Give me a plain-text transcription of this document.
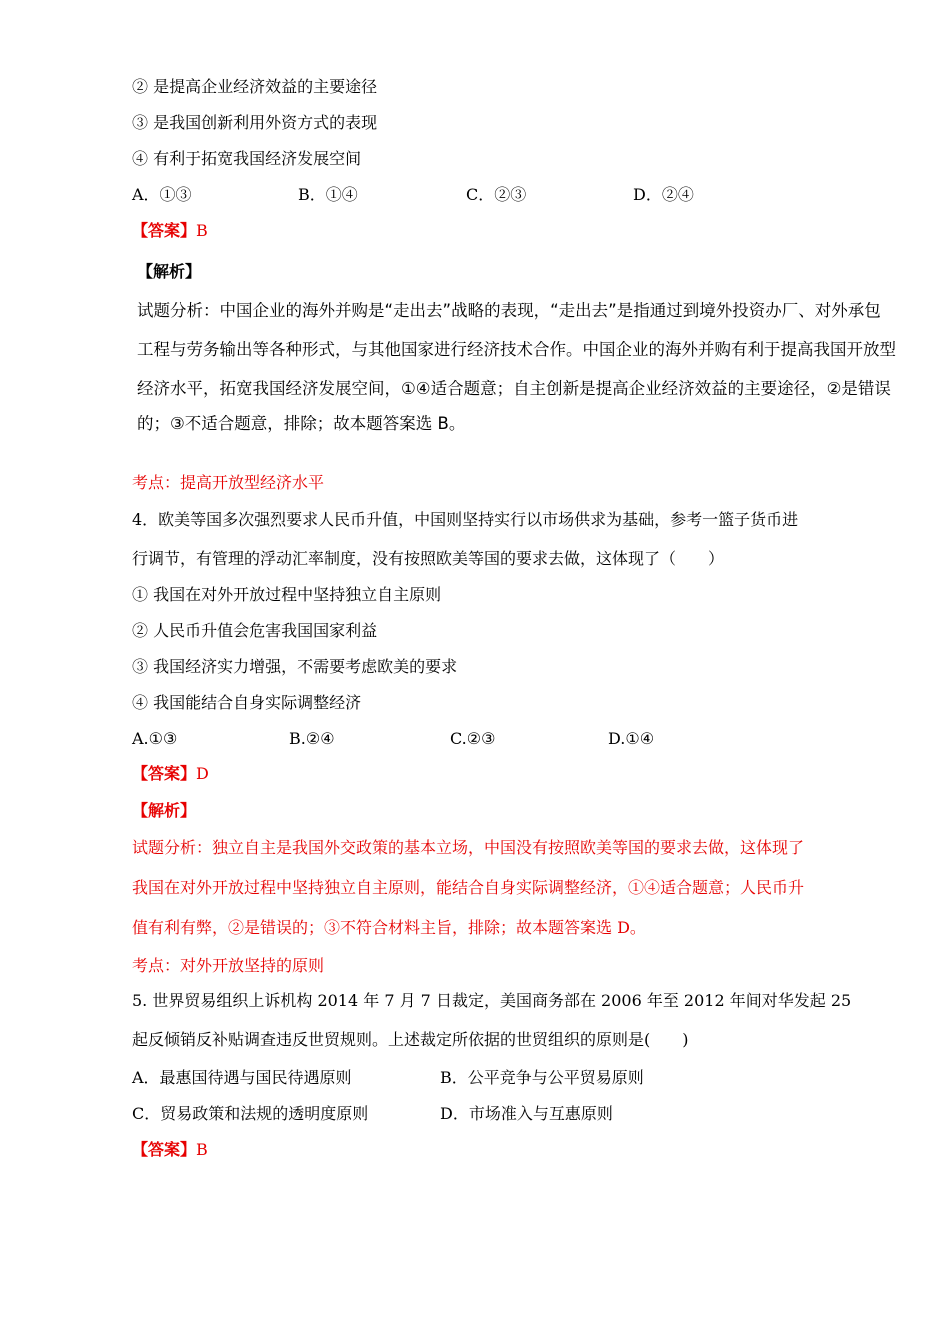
② 是提高企业经济效益的主要途径
③ 是我国创新利用外资方式的表现
④ 有利于拓宽我国经济发展空间
A．①③	B．①④	C．②③	D．②④
【答案】B
【解析】
试题分析：中国企业的海外并购是“走出去”战略的表现，“走出去”是指通过到境外投资办厂、对外承包
工程与劳务输出等各种形式，与其他国家进行经济技术合作。中国企业的海外并购有利于提高我国开放型
经济水平，拓宽我国经济发展空间，①④适合题意；自主创新是提高企业经济效益的主要途径，②是错误
的；③不适合题意，排除；故本题答案选 B。
考点：提高开放型经济水平
4．欧美等国多次强烈要求人民币升值，中国则坚持实行以市场供求为基础，参考一篮子货币进
行调节，有管理的浮动汇率制度，没有按照欧美等国的要求去做，这体现了（　　）
① 我国在对外开放过程中坚持独立自主原则
② 人民币升值会危害我国国家利益
③ 我国经济实力增强，不需要考虑欧美的要求
④ 我国能结合自身实际调整经济
A.①③	B.②④	C.②③	D.①④
【答案】D
【解析】
试题分析：独立自主是我国外交政策的基本立场，中国没有按照欧美等国的要求去做，这体现了
我国在对外开放过程中坚持独立自主原则，能结合自身实际调整经济，①④适合题意；人民币升
值有利有弊，②是错误的；③不符合材料主旨，排除；故本题答案选 D。
考点：对外开放坚持的原则
5. 世界贸易组织上诉机构 2014 年 7 月 7 日裁定，美国商务部在 2006 年至 2012 年间对华发起 25
起反倾销反补贴调查违反世贸规则。上述裁定所依据的世贸组织的原则是(　　)
A．最惠国待遇与国民待遇原则	B．公平竞争与公平贸易原则
C．贸易政策和法规的透明度原则	D．市场准入与互惠原则
【答案】B
